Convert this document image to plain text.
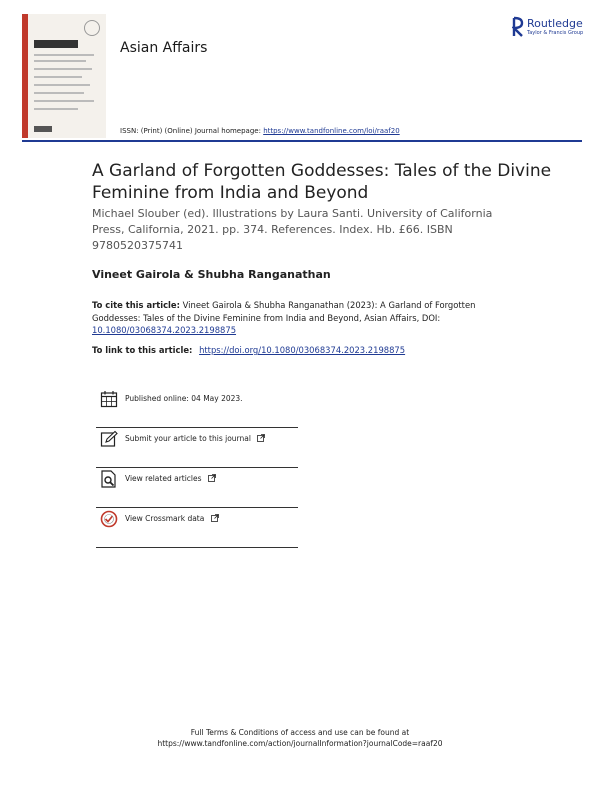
Asian Affairs
Routledge
Taylor & Francis Group
ISSN: (Print) (Online) Journal homepage: https://www.tandfonline.com/loi/raaf20
A Garland of Forgotten Goddesses: Tales of the Divine Feminine from India and Beyond
Michael Slouber (ed). Illustrations by Laura Santi. University of California Press, California, 2021. pp. 374. References. Index. Hb. £66. ISBN 9780520375741
Vineet Gairola & Shubha Ranganathan
To cite this article: Vineet Gairola & Shubha Ranganathan (2023): A Garland of Forgotten Goddesses: Tales of the Divine Feminine from India and Beyond, Asian Affairs, DOI: 10.1080/03068374.2023.2198875
To link to this article: https://doi.org/10.1080/03068374.2023.2198875
Published online: 04 May 2023.
Submit your article to this journal
View related articles
View Crossmark data
Full Terms & Conditions of access and use can be found at
https://www.tandfonline.com/action/journalInformation?journalCode=raaf20
